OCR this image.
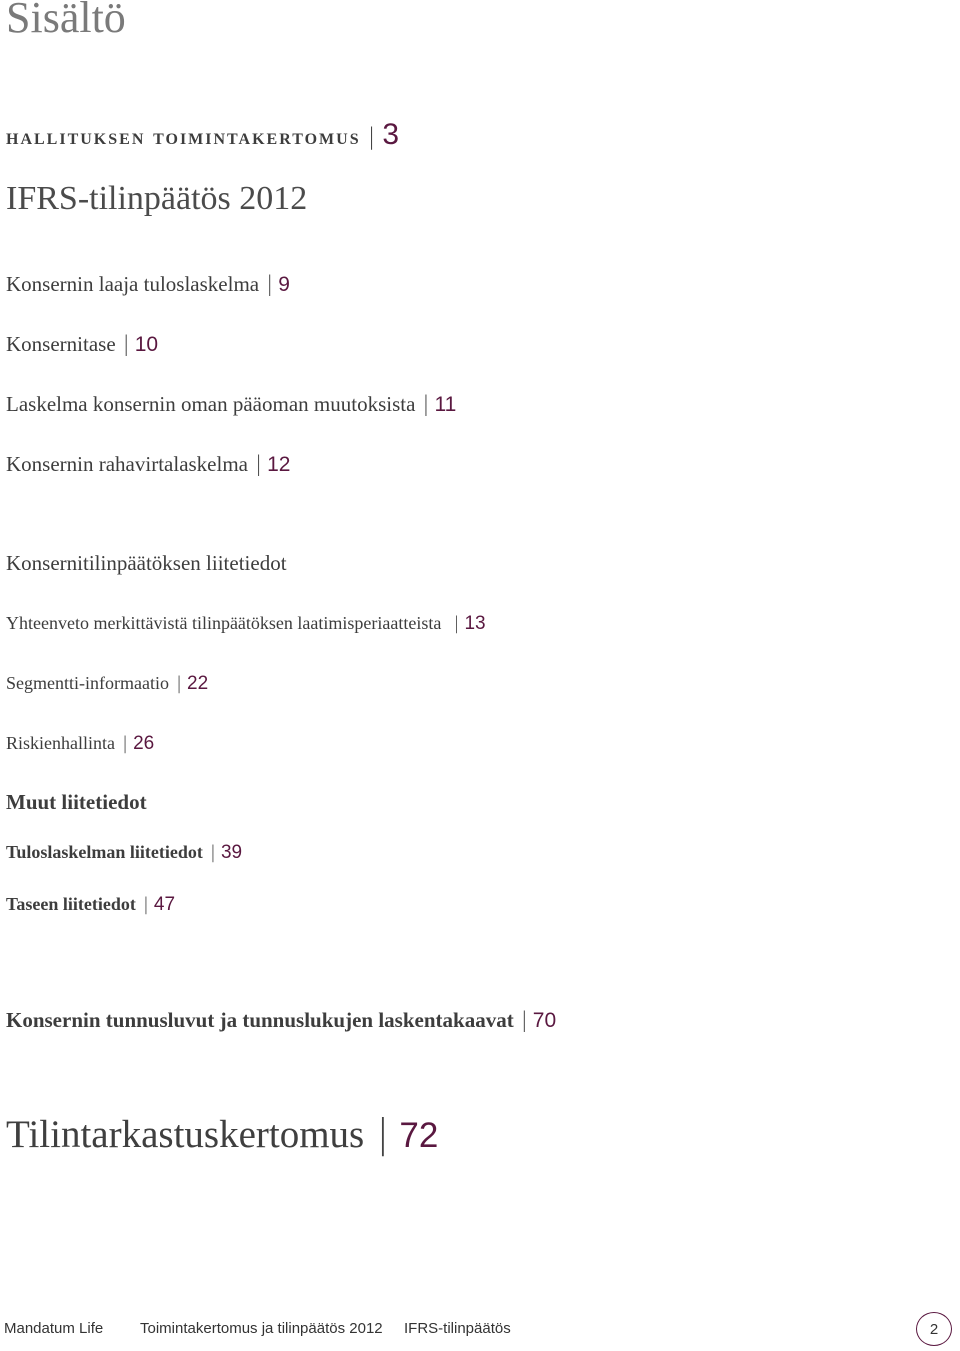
Sisältö
hallituksen toimintakertomus | 3
IFRS-tilinpäätös 2012
Konsernin laaja tuloslaskelma | 9
Konsernitase | 10
Laskelma konsernin oman pääoman muutoksista | 11
Konsernin rahavirtalaskelma | 12
Konsernitilinpäätöksen liitetiedot
Yhteenveto merkittävistä tilinpäätöksen laatimisperiaatteista | 13
Segmentti-informaatio | 22
Riskienhallinta | 26
Muut liitetiedot
Tuloslaskelman liitetiedot | 39
Taseen liitetiedot | 47
Konsernin tunnusluvut ja tunnuslukujen laskentakaavat | 70
Tilintarkastuskertomus | 72
Mandatum Life Toimintakertomus ja tilinpäätös 2012 IFRS-tilinpäätös	2
